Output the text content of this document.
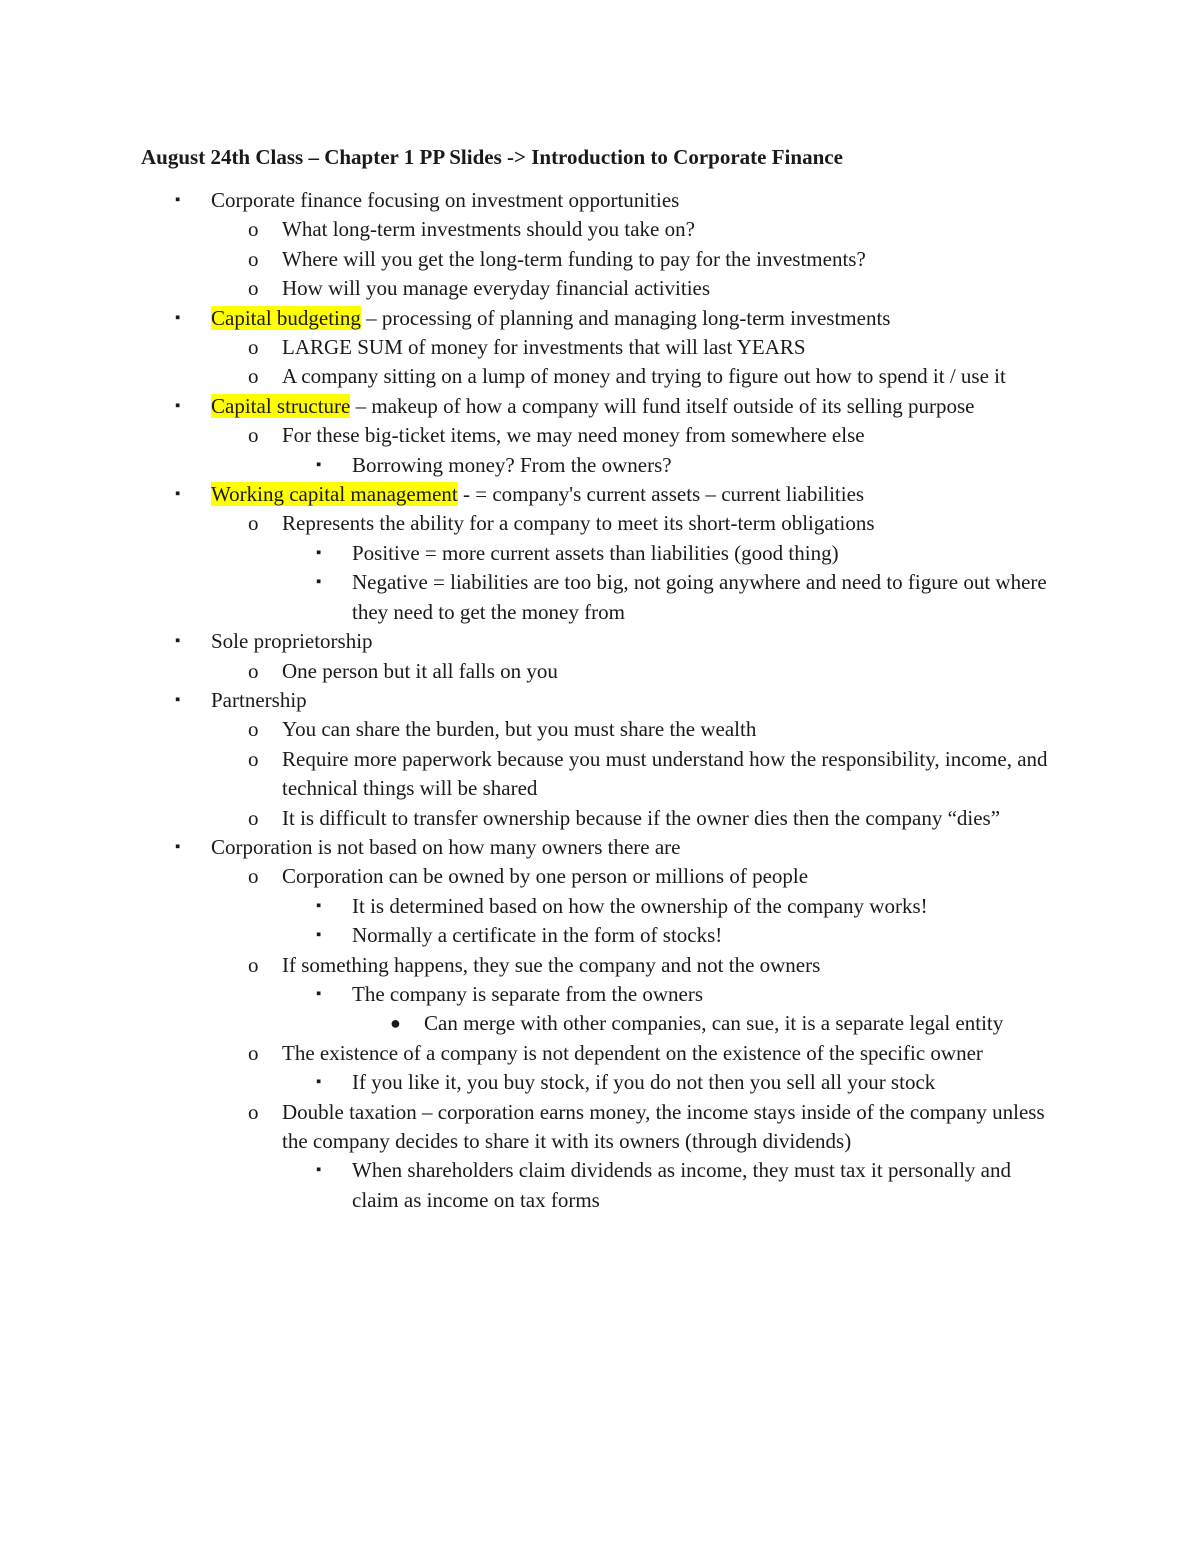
August 24th Class – Chapter 1 PP Slides -> Introduction to Corporate Finance
▪ Corporate finance focusing on investment opportunities
o What long-term investments should you take on?
o Where will you get the long-term funding to pay for the investments?
o How will you manage everyday financial activities
▪ Capital budgeting – processing of planning and managing long-term investments
o LARGE SUM of money for investments that will last YEARS
o A company sitting on a lump of money and trying to figure out how to spend it / use it
▪ Capital structure – makeup of how a company will fund itself outside of its selling purpose
o For these big-ticket items, we may need money from somewhere else
▪ Borrowing money? From the owners?
▪ Working capital management - = company's current assets – current liabilities
o Represents the ability for a company to meet its short-term obligations
▪ Positive = more current assets than liabilities (good thing)
▪ Negative = liabilities are too big, not going anywhere and need to figure out where they need to get the money from
▪ Sole proprietorship
o One person but it all falls on you
▪ Partnership
o You can share the burden, but you must share the wealth
o Require more paperwork because you must understand how the responsibility, income, and technical things will be shared
o It is difficult to transfer ownership because if the owner dies then the company “dies”
▪ Corporation is not based on how many owners there are
o Corporation can be owned by one person or millions of people
▪ It is determined based on how the ownership of the company works!
▪ Normally a certificate in the form of stocks!
o If something happens, they sue the company and not the owners
▪ The company is separate from the owners
● Can merge with other companies, can sue, it is a separate legal entity
o The existence of a company is not dependent on the existence of the specific owner
▪ If you like it, you buy stock, if you do not then you sell all your stock
o Double taxation – corporation earns money, the income stays inside of the company unless the company decides to share it with its owners (through dividends)
▪ When shareholders claim dividends as income, they must tax it personally and claim as income on tax forms
